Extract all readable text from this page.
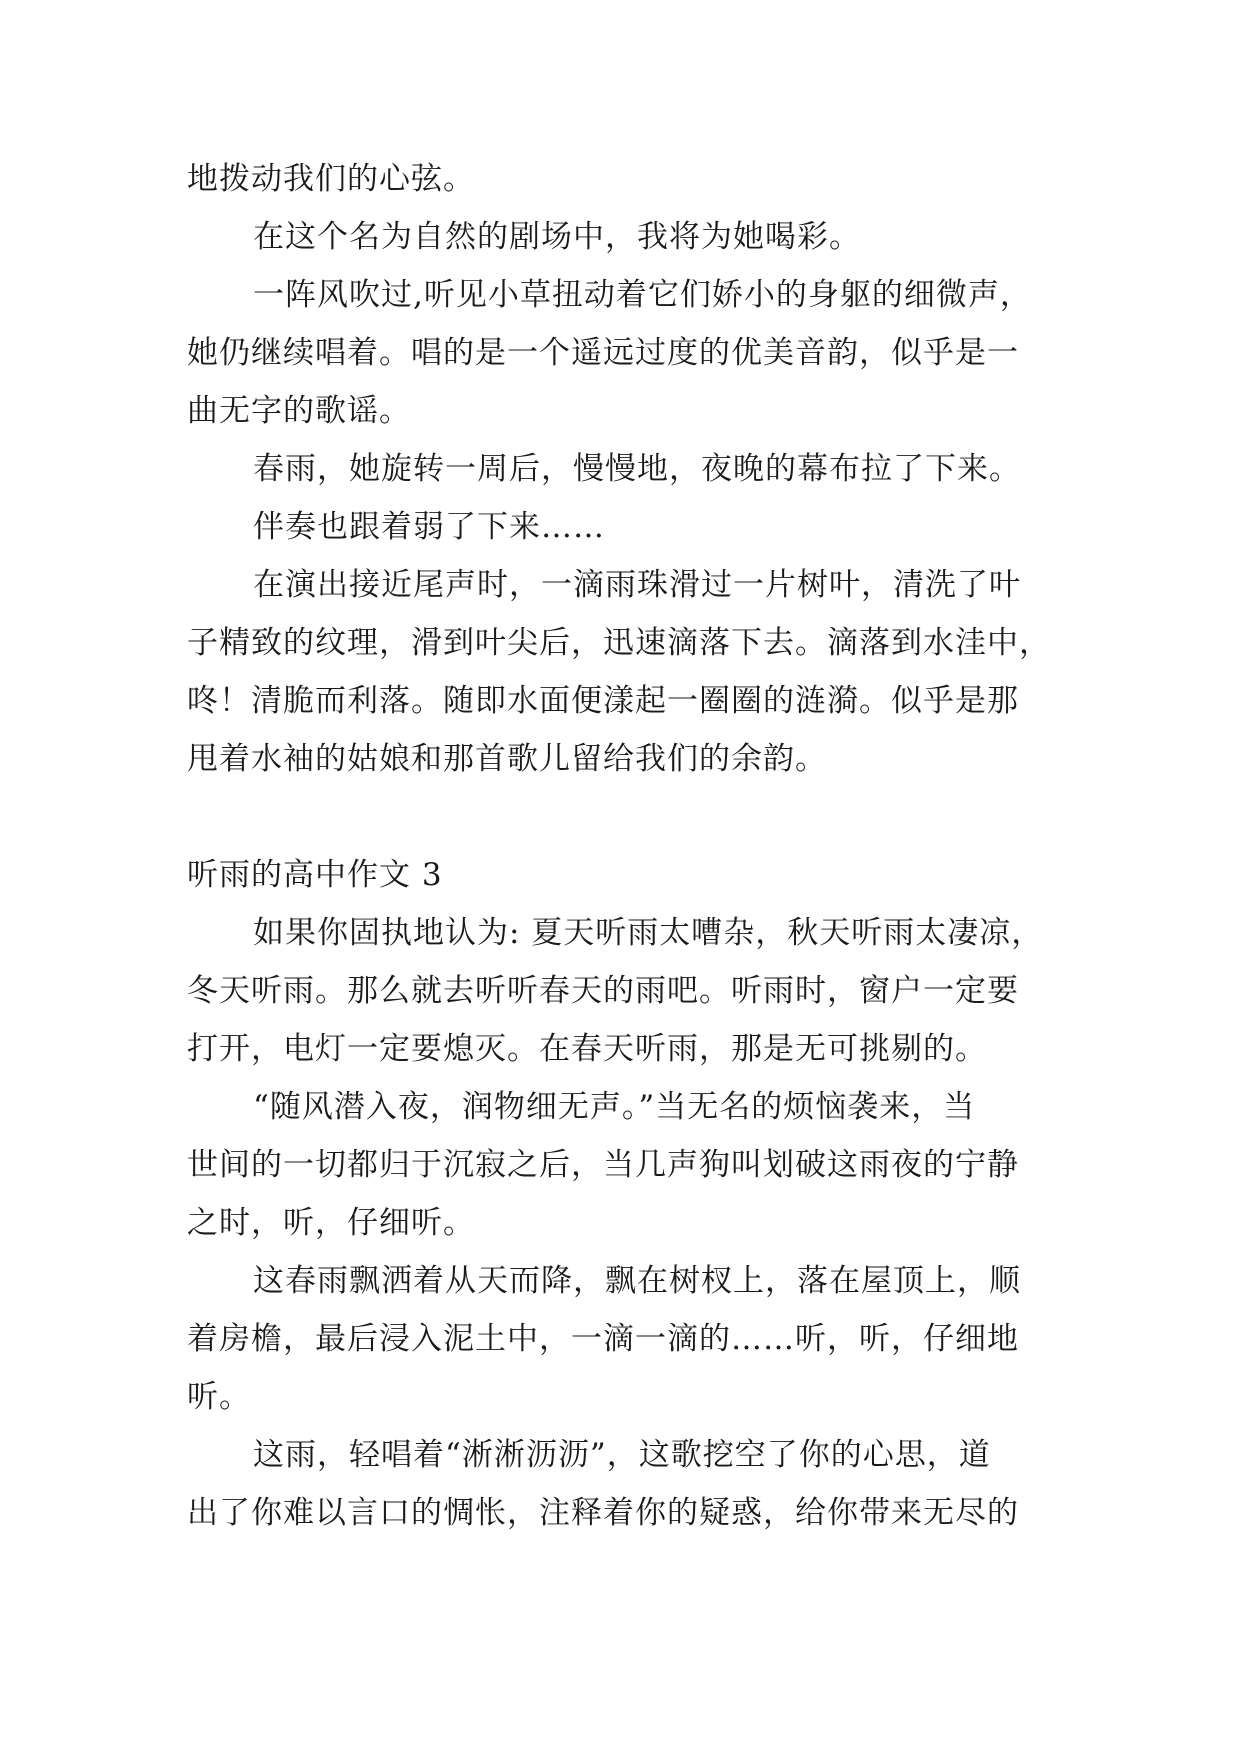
地拨动我们的心弦。
在这个名为自然的剧场中，我将为她喝彩。
一阵风吹过,听见小草扭动着它们娇小的身躯的细微声，
她仍继续唱着。唱的是一个遥远过度的优美音韵，似乎是一
曲无字的歌谣。
春雨，她旋转一周后，慢慢地，夜晚的幕布拉了下来。
伴奏也跟着弱了下来……
在演出接近尾声时，一滴雨珠滑过一片树叶，清洗了叶
子精致的纹理，滑到叶尖后，迅速滴落下去。滴落到水洼中，
咚！清脆而利落。随即水面便漾起一圈圈的涟漪。似乎是那
甩着水袖的姑娘和那首歌儿留给我们的余韵。
听雨的高中作文 3
如果你固执地认为: 夏天听雨太嘈杂，秋天听雨太凄凉，
冬天听雨。那么就去听听春天的雨吧。听雨时，窗户一定要
打开，电灯一定要熄灭。在春天听雨，那是无可挑剔的。
“随风潜入夜，润物细无声。”当无名的烦恼袭来，当
世间的一切都归于沉寂之后，当几声狗叫划破这雨夜的宁静
之时，听，仔细听。
这春雨飘洒着从天而降，飘在树杈上，落在屋顶上，顺
着房檐，最后浸入泥土中，一滴一滴的……听，听，仔细地
听。
这雨，轻唱着“淅淅沥沥”，这歌挖空了你的心思，道
出了你难以言口的惆怅，注释着你的疑惑，给你带来无尽的
